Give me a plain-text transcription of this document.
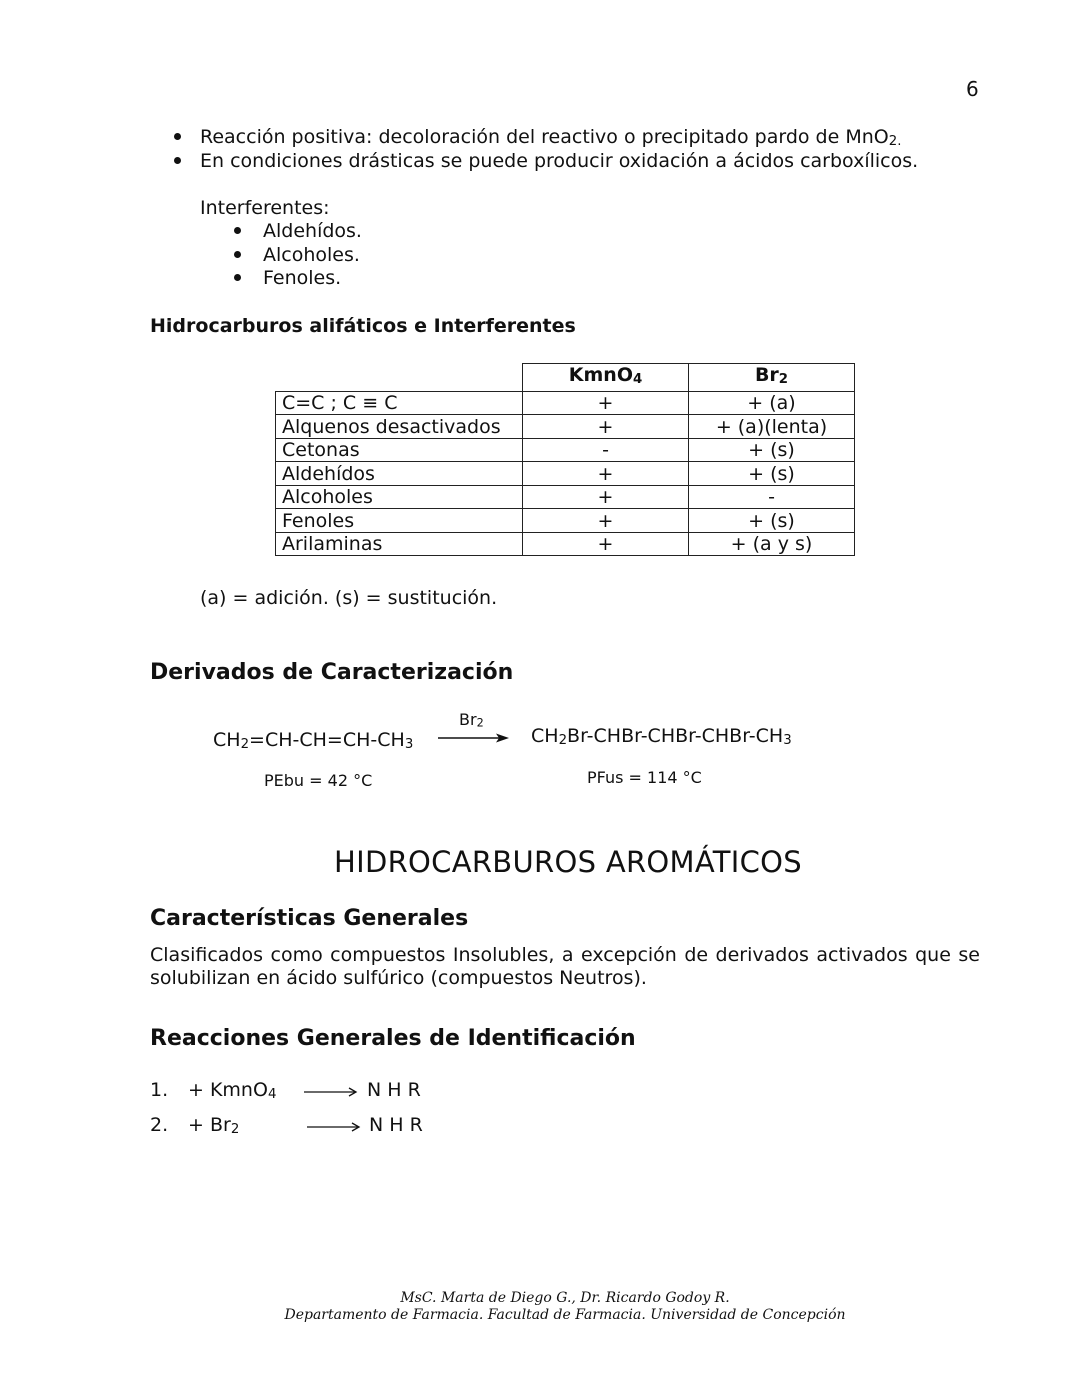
6
Reacción positiva: decoloración del reactivo o precipitado pardo de MnO2.
En condiciones drásticas se puede producir oxidación a ácidos carboxílicos.
Interferentes:
Aldehídos.
Alcoholes.
Fenoles.
Hidrocarburos alifáticos e Interferentes
	KmnO4	Br2
C=C ; C ≡ C	+	+ (a)
Alquenos desactivados	+	+ (a)(lenta)
Cetonas	-	+ (s)
Aldehídos	+	+ (s)
Alcoholes	+	-
Fenoles	+	+ (s)
Arilaminas	+	+ (a y s)
(a) = adición. (s) = sustitución.
Derivados de Caracterización
CH2=CH-CH=CH-CH3
Br2
CH2Br-CHBr-CHBr-CHBr-CH3
PEbu = 42 °C	PFus = 114 °C
HIDROCARBUROS AROMÁTICOS
Características Generales
Clasificados como compuestos Insolubles, a excepción de derivados activados que se solubilizan en ácido sulfúrico (compuestos Neutros).
Reacciones Generales de Identificación
1. + KmnO4 → N H R
2. + Br2	→ N H R
MsC. Marta de Diego G., Dr. Ricardo Godoy R.
Departamento de Farmacia. Facultad de Farmacia. Universidad de Concepción
